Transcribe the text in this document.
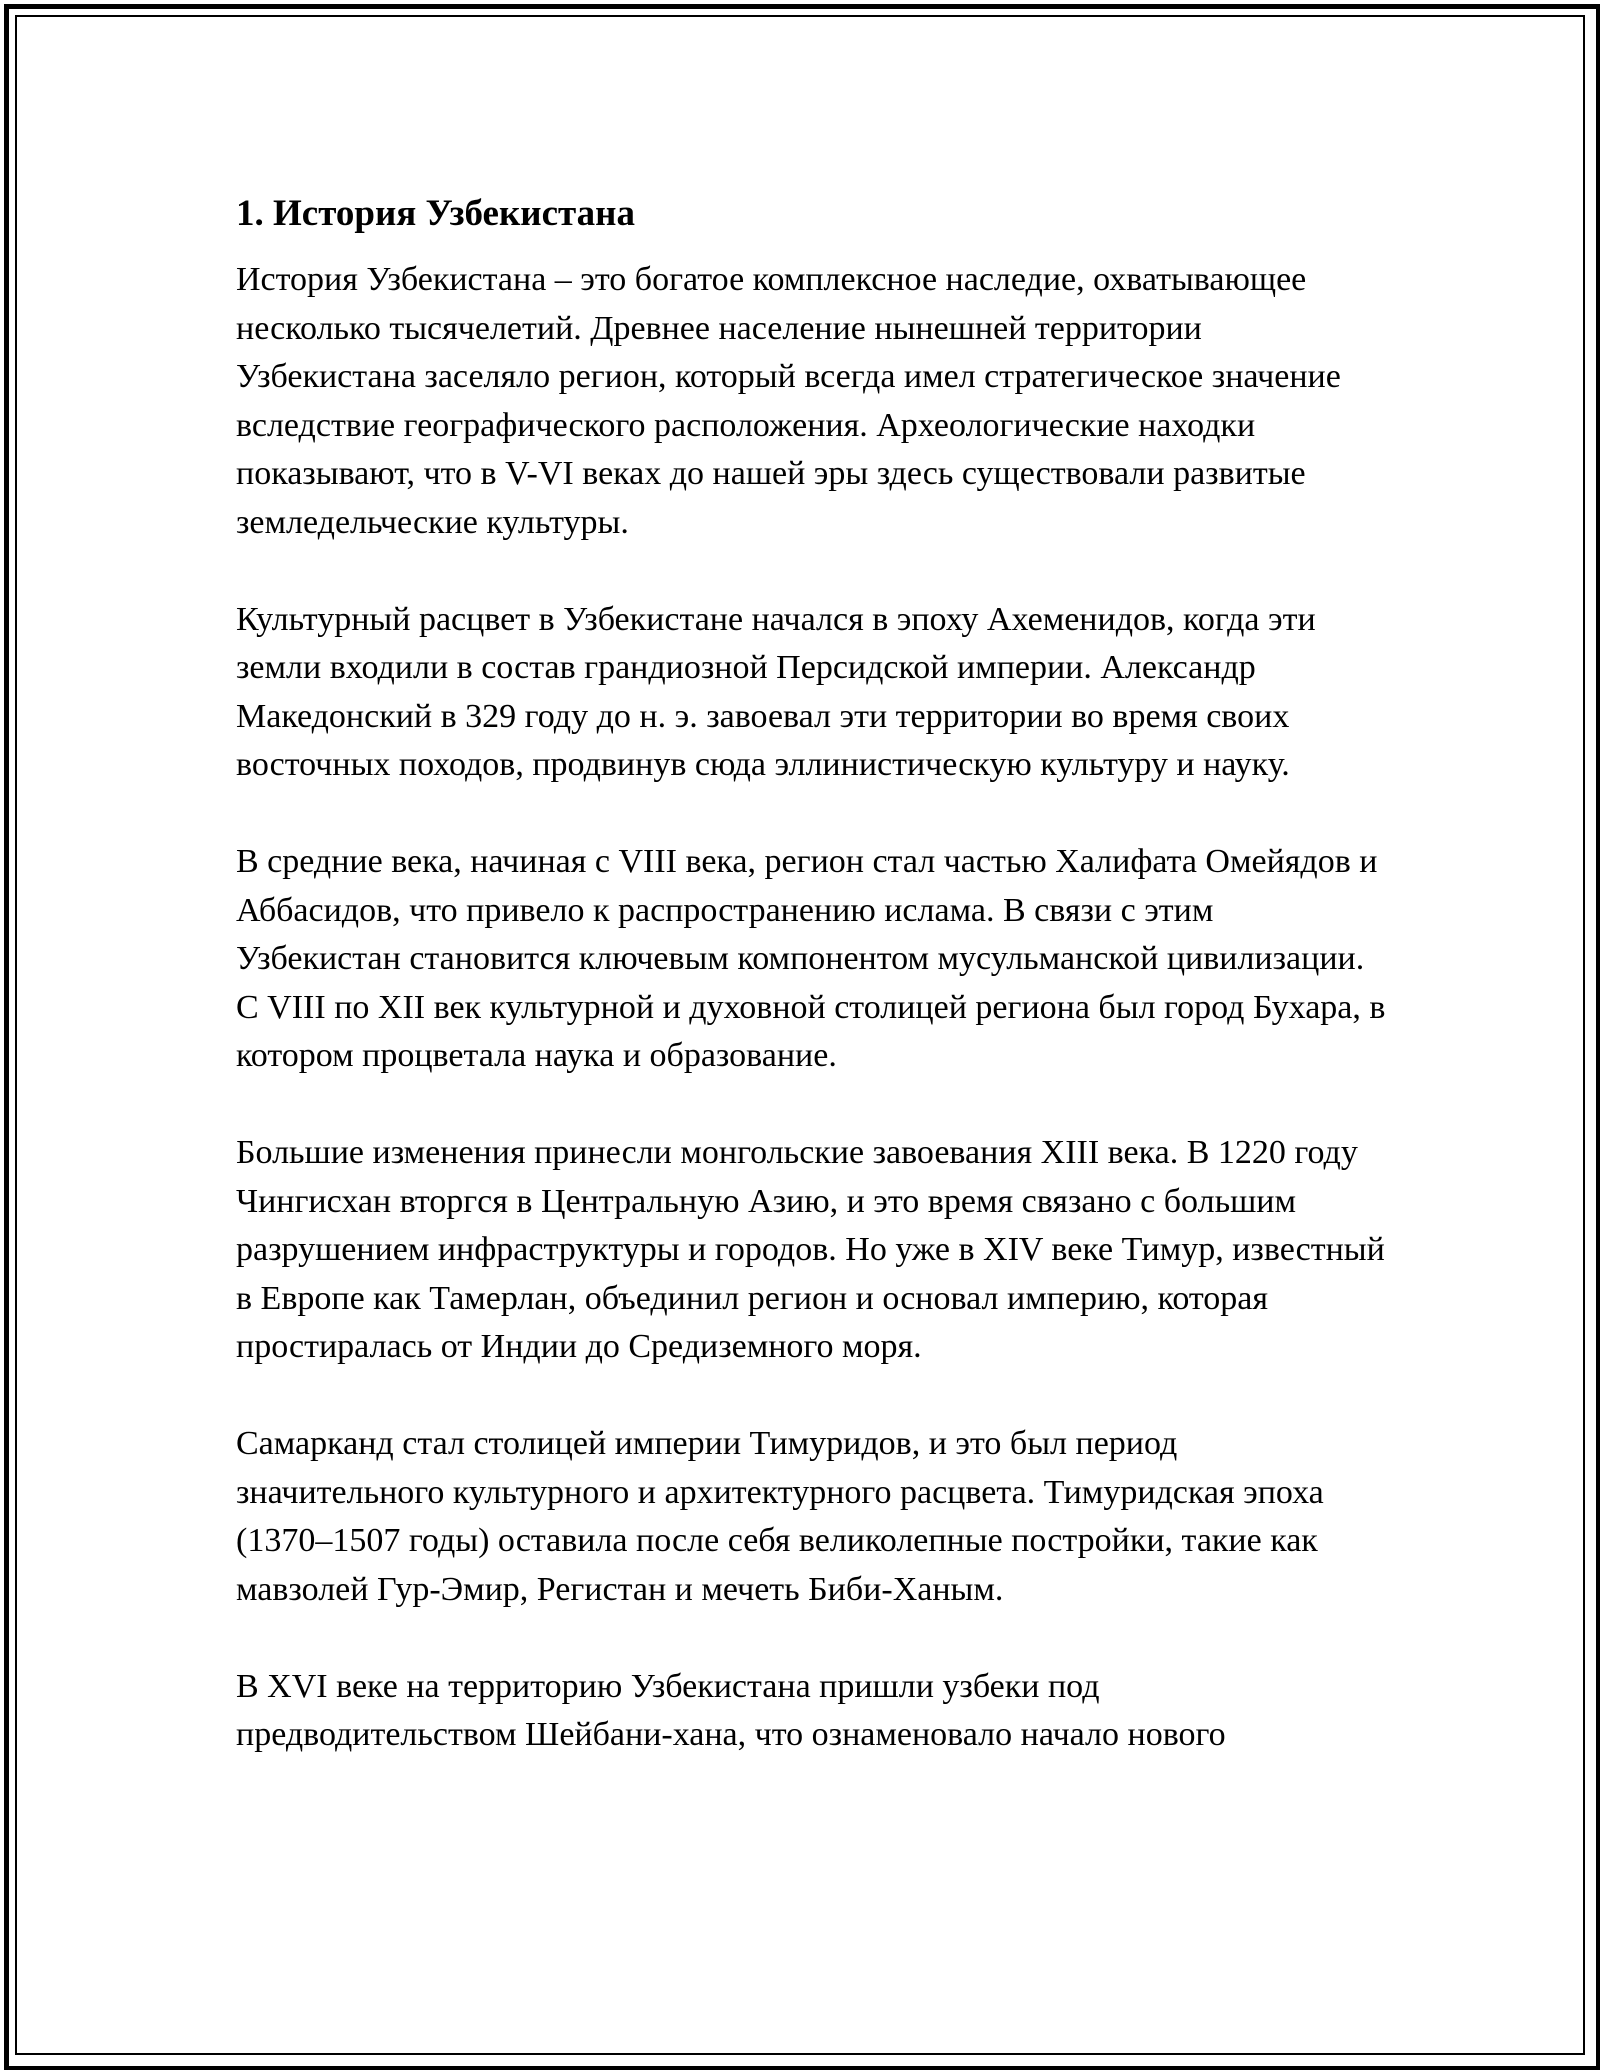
1. История Узбекистана

История Узбекистана – это богатое комплексное наследие, охватывающее несколько тысячелетий. Древнее население нынешней территории Узбекистана заселяло регион, который всегда имел стратегическое значение вследствие географического расположения. Археологические находки показывают, что в V-VI веках до нашей эры здесь существовали развитые земледельческие культуры.

Культурный расцвет в Узбекистане начался в эпоху Ахеменидов, когда эти земли входили в состав грандиозной Персидской империи. Александр Македонский в 329 году до н. э. завоевал эти территории во время своих восточных походов, продвинув сюда эллинистическую культуру и науку.

В средние века, начиная с VIII века, регион стал частью Халифата Омейядов и Аббасидов, что привело к распространению ислама. В связи с этим Узбекистан становится ключевым компонентом мусульманской цивилизации. С VIII по XII век культурной и духовной столицей региона был город Бухара, в котором процветала наука и образование.

Большие изменения принесли монгольские завоевания XIII века. В 1220 году Чингисхан вторгся в Центральную Азию, и это время связано с большим разрушением инфраструктуры и городов. Но уже в XIV веке Тимур, известный в Европе как Тамерлан, объединил регион и основал империю, которая простиралась от Индии до Средиземного моря.

Самарканд стал столицей империи Тимуридов, и это был период значительного культурного и архитектурного расцвета. Тимуридская эпоха (1370–1507 годы) оставила после себя великолепные постройки, такие как мавзолей Гур-Эмир, Регистан и мечеть Биби-Ханым.

В XVI веке на территорию Узбекистана пришли узбеки под предводительством Шейбани-хана, что ознаменовало начало нового
